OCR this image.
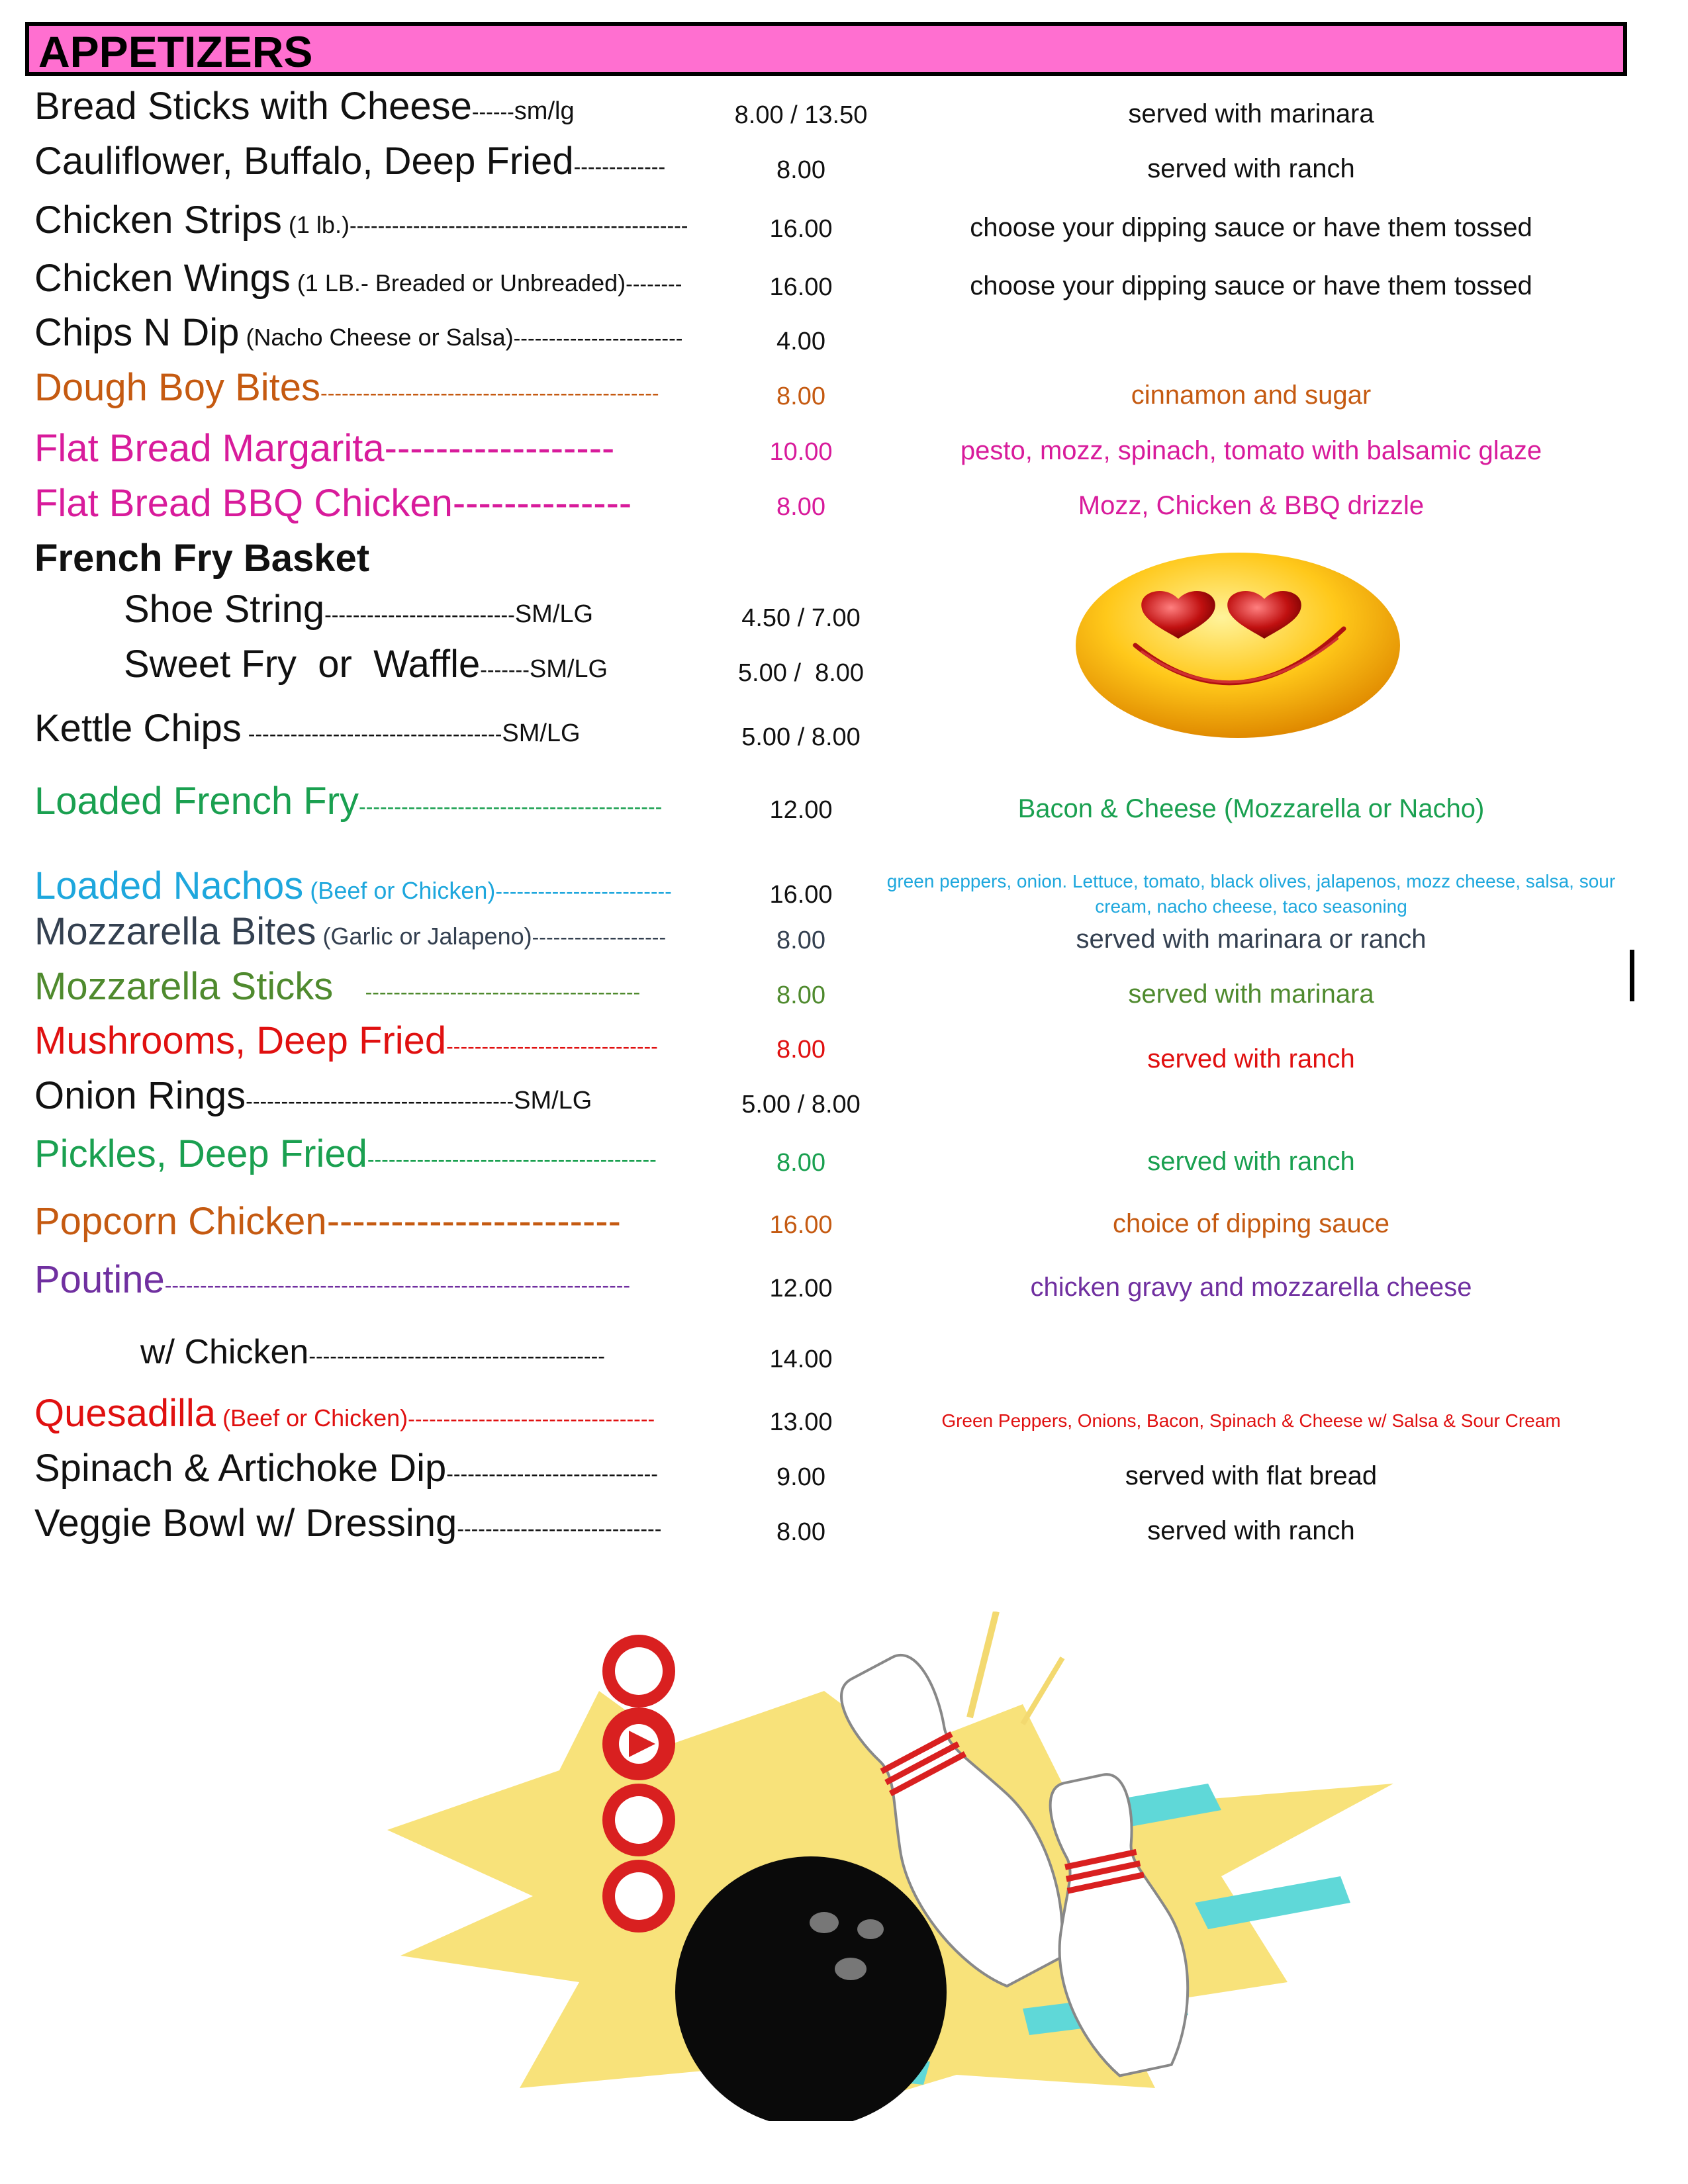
APPETIZERS
Bread Sticks with Cheese------sm/lg	8.00 / 13.50	served with marinara
Cauliflower, Buffalo, Deep Fried-------------	8.00	served with ranch
Chicken Strips (1 lb.)------------------------------------------------	16.00	choose your dipping sauce or have them tossed
Chicken Wings (1 LB.- Breaded or Unbreaded)--------	16.00	choose your dipping sauce or have them tossed
Chips N Dip (Nacho Cheese or Salsa)------------------------	4.00
Dough Boy Bites------------------------------------------------	8.00	cinnamon and sugar
Flat Bread Margarita------------------	10.00	pesto, mozz, spinach, tomato with balsamic glaze
Flat Bread BBQ Chicken--------------	8.00	Mozz, Chicken & BBQ drizzle
French Fry Basket
Shoe String---------------------------SM/LG	4.50 / 7.00
Sweet Fry  or  Waffle-------SM/LG	5.00 /  8.00
Kettle Chips ------------------------------------SM/LG	5.00 / 8.00
Loaded French Fry-------------------------------------------	12.00	Bacon & Cheese (Mozzarella or Nacho)
Loaded Nachos (Beef or Chicken)-------------------------	16.00	green peppers, onion. Lettuce, tomato, black olives, jalapenos, mozz cheese, salsa, sour cream, nacho cheese, taco seasoning
Mozzarella Bites (Garlic or Jalapeno)-------------------	8.00	served with marinara or ranch
Mozzarella Sticks ---------------------------------------	8.00	served with marinara
Mushrooms, Deep Fried------------------------------	8.00	served with ranch
Onion Rings--------------------------------------SM/LG	5.00 / 8.00
Pickles, Deep Fried-----------------------------------------	8.00	served with ranch
Popcorn Chicken-----------------------	16.00	choice of dipping sauce
Poutine------------------------------------------------------------------	12.00	chicken gravy and mozzarella cheese
w/ Chicken------------------------------------------	14.00
Quesadilla (Beef or Chicken)-----------------------------------	13.00	Green Peppers, Onions, Bacon, Spinach & Cheese w/ Salsa & Sour Cream
Spinach & Artichoke Dip------------------------------	9.00	served with flat bread
Veggie Bowl w/ Dressing-----------------------------	8.00	served with ranch
